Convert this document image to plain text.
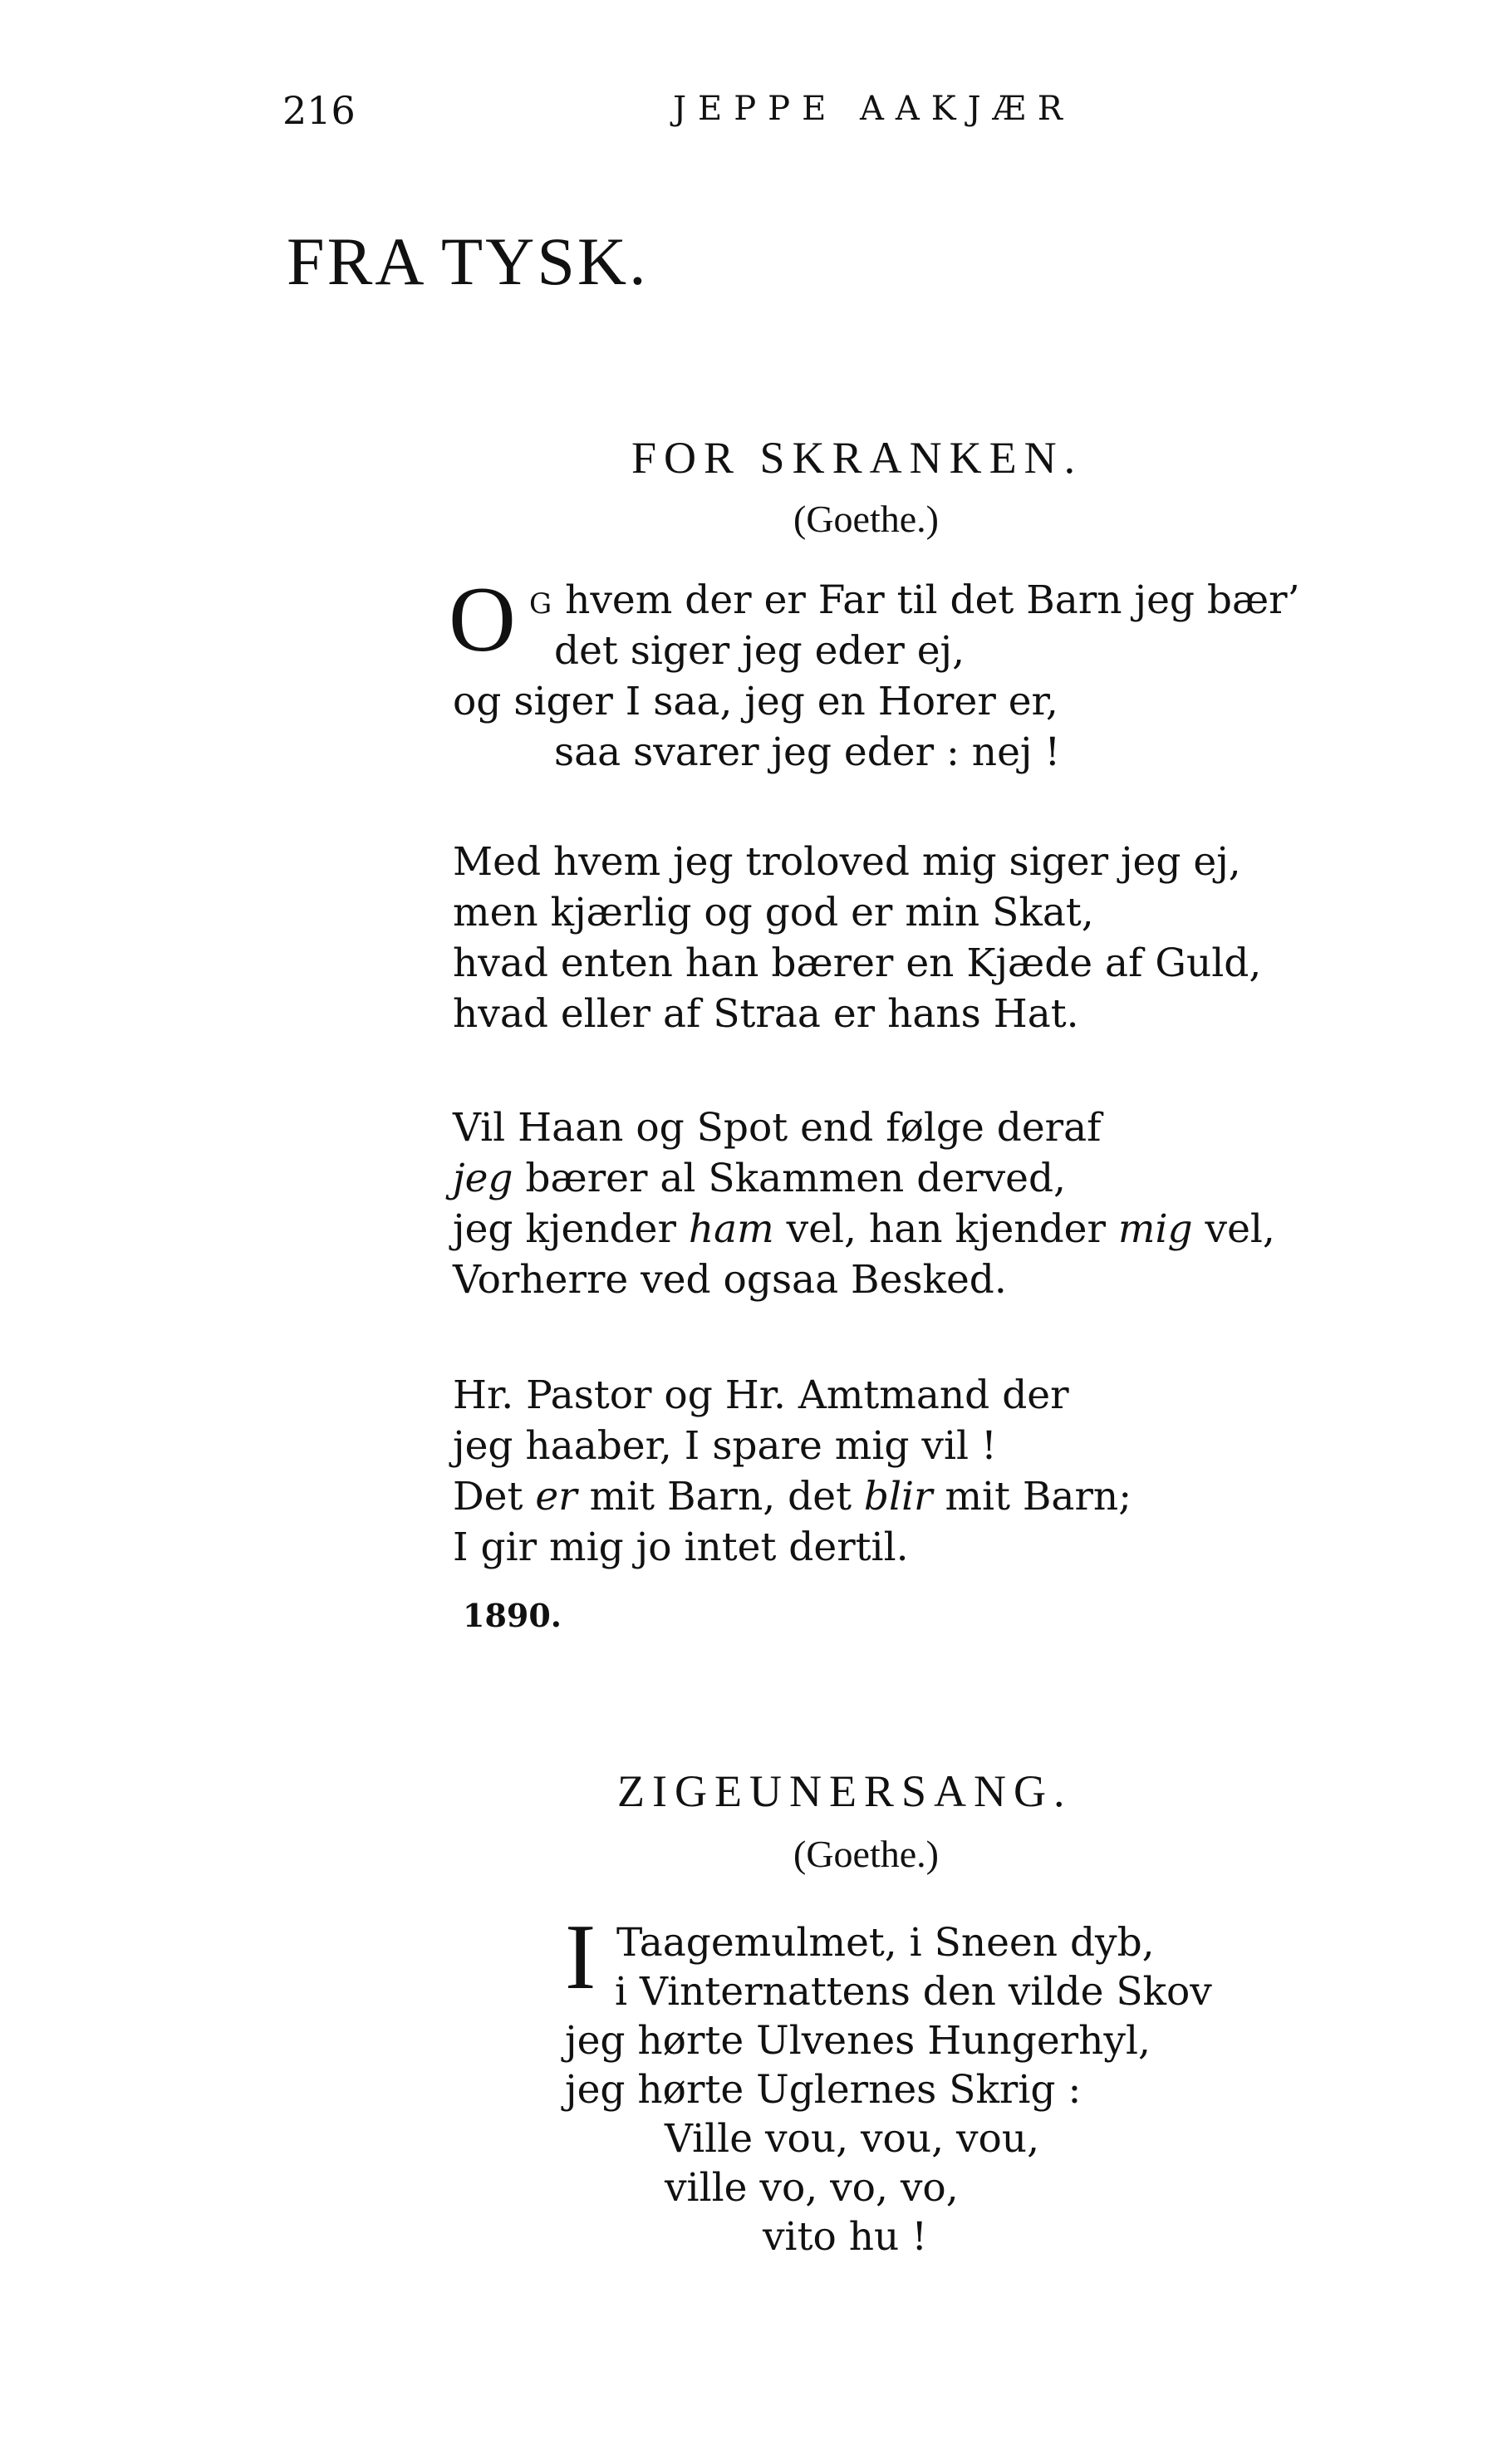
216	JEPPE AAKJÆR
FRA TYSK.
FOR SKRANKEN.
(Goethe.)
O G hvem der er Far til det Barn jeg bær’
det siger jeg eder ej,
og siger I saa, jeg en Horer er,
saa svarer jeg eder : nej !
Med hvem jeg troloved mig siger jeg ej,
men kjærlig og god er min Skat,
hvad enten han bærer en Kjæde af Guld,
hvad eller af Straa er hans Hat.
Vil Haan og Spot end følge deraf
jeg bærer al Skammen derved,
jeg kjender ham vel, han kjender mig vel,
Vorherre ved ogsaa Besked.
Hr. Pastor og Hr. Amtmand der
jeg haaber, I spare mig vil !
Det er mit Barn, det blir mit Barn;
I gir mig jo intet dertil.
1890.
ZIGEUNERSANG.
(Goethe.)
I Taagemulmet, i Sneen dyb,
i Vinternattens den vilde Skov
jeg hørte Ulvenes Hungerhyl,
jeg hørte Uglernes Skrig :
Ville vou, vou, vou,
ville vo, vo, vo,
vito hu !
